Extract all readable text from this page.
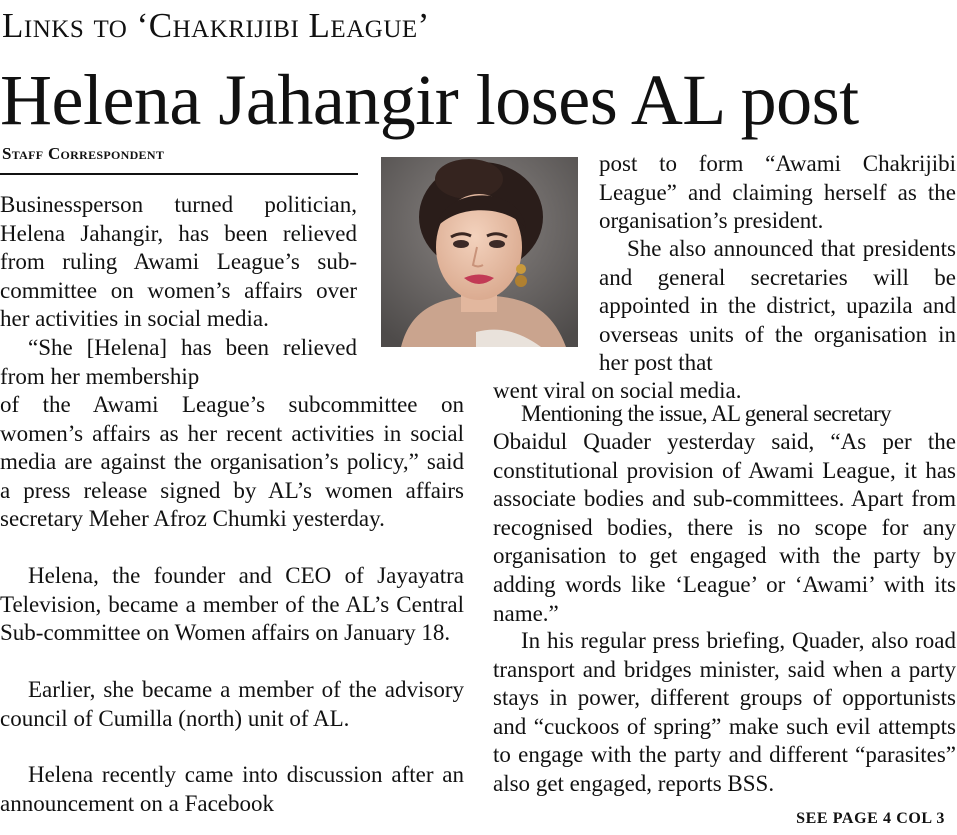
Links to ‘Chakrijibi League’
Helena Jahangir loses AL post
Staff Correspondent

Businessperson turned politician, Helena Jahangir, has been relieved from ruling Awami League’s sub- committee on women’s affairs over her activities in social media.

“She [Helena] has been relieved from her membership

of the Awami League’s subcommittee on women’s affairs as her recent activities in social media are against the organisation’s policy,” said a press release signed by AL’s women affairs secretary Meher Afroz Chumki yesterday.

Helena, the founder and CEO of Jayayatra Television, became a member of the AL’s Central Sub-committee on Women affairs on January 18.

Earlier, she became a member of the advisory council of Cumilla (north) unit of AL.

Helena recently came into discussion after an announcement on a Facebook

post to form “Awami Chakrijibi League” and claiming herself as the organisation’s president.

She also announced that presidents and general secretaries will be appointed in the district, upazila and overseas units of the organisation in her post that

went viral on social media.

Mentioning the issue, AL general secretary

Obaidul Quader yesterday said, “As per the constitutional provision of Awami League, it has associate bodies and sub-committees. Apart from recognised bodies, there is no scope for any organisation to get engaged with the party by adding words like ‘League’ or ‘Awami’ with its name.”

In his regular press briefing, Quader, also road transport and bridges minister, said when a party stays in power, different groups of opportunists and “cuckoos of spring” make such evil attempts to engage with the party and different “parasites” also get engaged, reports BSS.

SEE PAGE 4 COL 3
